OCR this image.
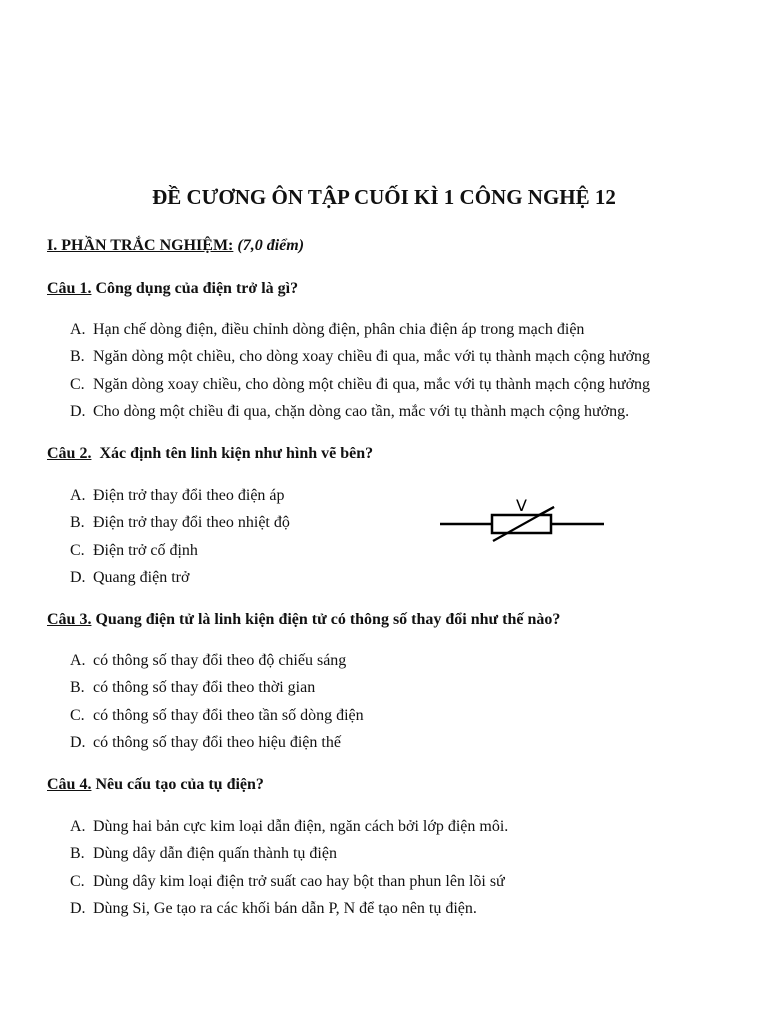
ĐỀ CƯƠNG ÔN TẬP CUỐI KÌ 1 CÔNG NGHỆ 12

I. PHẦN TRẮC NGHIỆM: (7,0 điểm)

Câu 1. Công dụng của điện trở là gì?

A. Hạn chế dòng điện, điều chỉnh dòng điện, phân chia điện áp trong mạch điện
B. Ngăn dòng một chiều, cho dòng xoay chiều đi qua, mắc với tụ thành mạch cộng hưởng
C. Ngăn dòng xoay chiều, cho dòng một chiều đi qua, mắc với tụ thành mạch cộng hưởng
D. Cho dòng một chiều đi qua, chặn dòng cao tần, mắc với tụ thành mạch cộng hưởng.

Câu 2. Xác định tên linh kiện như hình vẽ bên?

A. Điện trở thay đổi theo điện áp
B. Điện trở thay đổi theo nhiệt độ
C. Điện trở cố định
D. Quang điện trở
V

Câu 3. Quang điện tử là linh kiện điện tử có thông số thay đổi như thế nào?

A. có thông số thay đổi theo độ chiếu sáng
B. có thông số thay đổi theo thời gian
C. có thông số thay đổi theo tần số dòng điện
D. có thông số thay đổi theo hiệu điện thế

Câu 4. Nêu cấu tạo của tụ điện?

A. Dùng hai bản cực kim loại dẫn điện, ngăn cách bởi lớp điện môi.
B. Dùng dây dẫn điện quấn thành tụ điện
C. Dùng dây kim loại điện trở suất cao hay bột than phun lên lõi sứ
D. Dùng Si, Ge tạo ra các khối bán dẫn P, N để tạo nên tụ điện.
